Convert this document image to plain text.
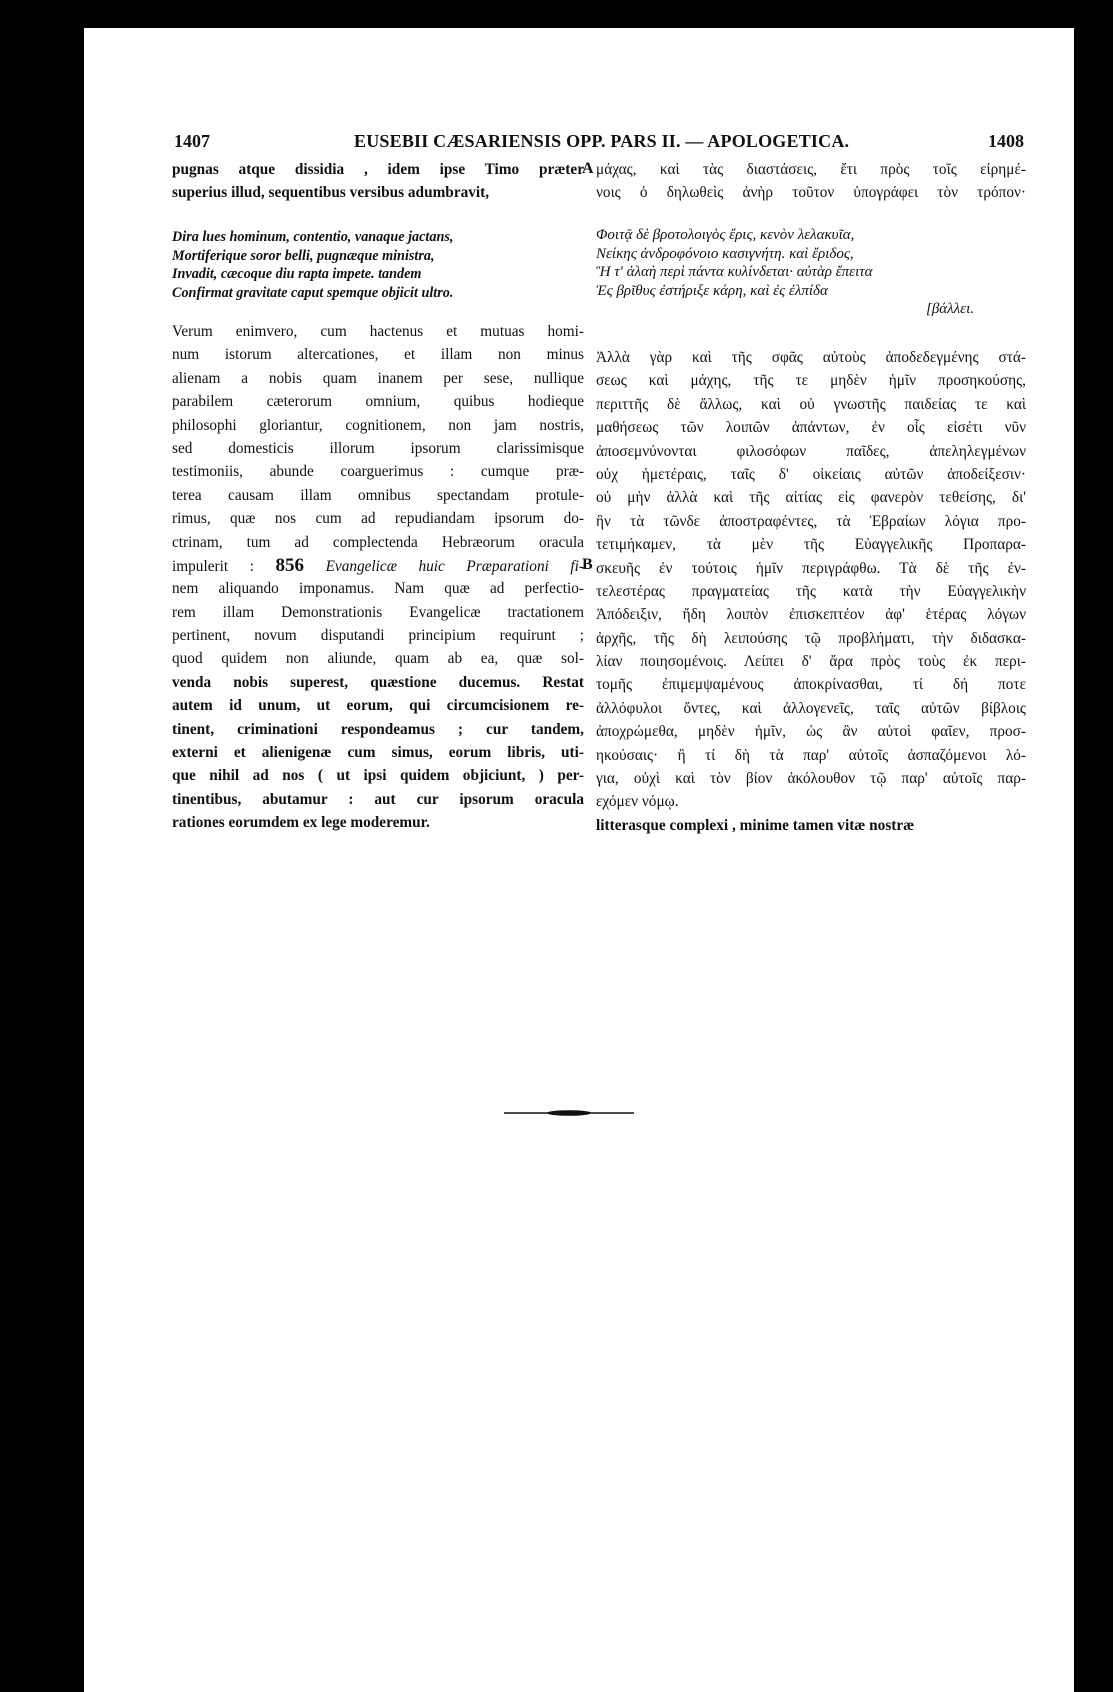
1407	EUSEBII CÆSARIENSIS OPP. PARS II. — APOLOGETICA.	1408
A
B
pugnas atque dissidia , idem ipse Timo præter
superius illud, sequentibus versibus adumbravit,
Dira lues hominum, contentio, vanaque jactans,
Mortiferique soror belli, pugnæque ministra,
Invadit, cæcoque diu rapta impete. tandem
Confirmat gravitate caput spemque objicit ultro.
Verum enimvero, cum hactenus et mutuas homi-
num istorum altercationes, et illam non minus
alienam a nobis quam inanem per sese, nullique
parabilem cæterorum omnium, quibus hodieque
philosophi gloriantur, cognitionem, non jam nostris,
sed domesticis illorum ipsorum clarissimisque
testimoniis, abunde coarguerimus : cumque præ-
terea causam illam omnibus spectandam protule-
rimus, quæ nos cum ad repudiandam ipsorum do-
ctrinam, tum ad complectenda Hebræorum oracula
impulerit : 856 Evangelicæ huic Præparationi fi-
nem aliquando imponamus. Nam quæ ad perfectio-
rem illam Demonstrationis Evangelicæ tractationem
pertinent, novum disputandi principium requirunt ;
quod quidem non aliunde, quam ab ea, quæ sol-
venda nobis superest, quæstione ducemus. Restat
autem id unum, ut eorum, qui circumcisionem re-
tinent, criminationi respondeamus ; cur tandem,
externi et alienigenæ cum simus, eorum libris, uti-
que nihil ad nos ( ut ipsi quidem objiciunt, ) per-
tinentibus, abutamur : aut cur ipsorum oracula
rationes eorumdem ex lege moderemur.
μάχας, καὶ τὰς διαστάσεις, ἔτι πρὸς τοῖς εἰρημέ-
νοις ὁ δηλωθεὶς ἀνὴρ τοῦτον ὑπογράφει τὸν τρόπον·
Φοιτᾷ δὲ βροτολοιγὸς ἔρις, κενὸν λελακυῖα,
Νείκης ἀνδροφόνοιο κασιγνήτη. καὶ ἔριδος,
Ἣ τ' ἀλαὴ περὶ πάντα κυλίνδεται· αὐτὰρ ἔπειτα
Ἐς βρῖθυς ἐστήριξε κάρη, καὶ ἐς ἐλπίδα
[βάλλει.
Ἀλλὰ γὰρ καὶ τῆς σφᾶς αὐτοὺς ἀποδεδεγμένης στά-
σεως καὶ μάχης, τῆς τε μηδὲν ἡμῖν προσηκούσης,
περιττῆς δὲ ἄλλως, καὶ οὐ γνωστῆς παιδείας τε καὶ
μαθήσεως τῶν λοιπῶν ἁπάντων, ἐν οἷς εἰσέτι νῦν
ἀποσεμνύνονται φιλοσόφων παῖδες, ἀπεληλεγμένων
οὐχ ἡμετέραις, ταῖς δ' οἰκείαις αὐτῶν ἀποδείξεσιν·
οὐ μὴν ἀλλὰ καὶ τῆς αἰτίας εἰς φανερὸν τεθείσης, δι'
ἣν τὰ τῶνδε ἀποστραφέντες, τὰ Ἑβραίων λόγια προ-
τετιμήκαμεν, τὰ μὲν τῆς Εὐαγγελικῆς Προπαρα-
σκευῆς ἐν τούτοις ἡμῖν περιγράφθω. Τὰ δὲ τῆς ἐν-
τελεστέρας πραγματείας τῆς κατὰ τὴν Εὐαγγελικὴν
Ἀπόδειξιν, ἤδη λοιπὸν ἐπισκεπτέον ἀφ' ἑτέρας λόγων
ἀρχῆς, τῆς δὴ λειπούσης τῷ προβλήματι, τὴν διδασκα-
λίαν ποιησομένοις. Λείπει δ' ἄρα πρὸς τοὺς ἐκ περι-
τομῆς ἐπιμεμψαμένους ἀποκρίνασθαι, τί δή ποτε
ἀλλόφυλοι ὄντες, καὶ ἀλλογενεῖς, ταῖς αὐτῶν βίβλοις
ἀποχρώμεθα, μηδὲν ἡμῖν, ὡς ἂν αὐτοὶ φαῖεν, προσ-
ηκούσαις· ἢ τί δὴ τὰ παρ' αὐτοῖς ἀσπαζόμενοι λό-
για, οὐχὶ καὶ τὸν βίον ἀκόλουθον τῷ παρ' αὐτοῖς παρ-
εχόμεν νόμῳ.
litterasque complexi , minime tamen vitæ nostræ
